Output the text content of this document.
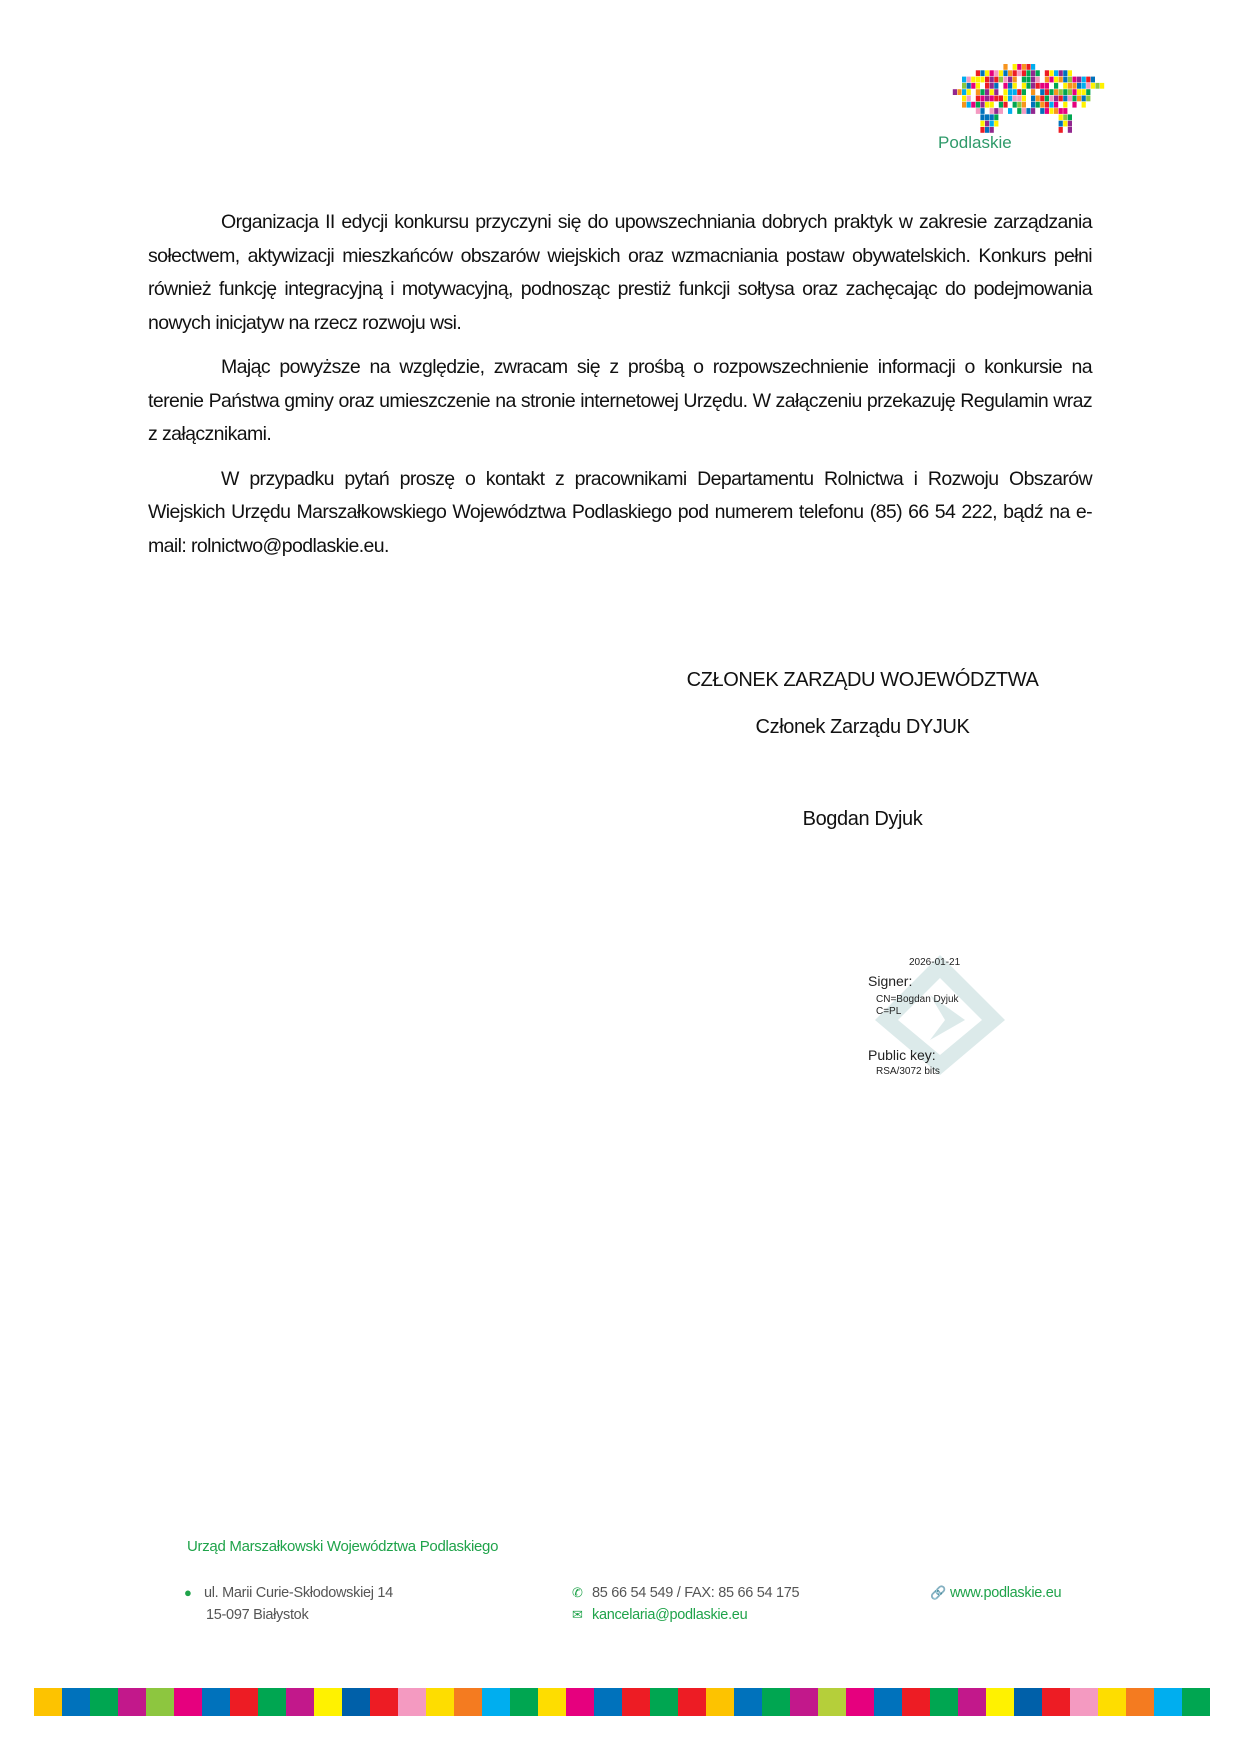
Podlaskie

Organizacja II edycji konkursu przyczyni się do upowszechniania dobrych praktyk w zakresie zarządzania sołectwem, aktywizacji mieszkańców obszarów wiejskich oraz wzmacniania postaw obywatelskich. Konkurs pełni również funkcję integracyjną i motywacyjną, podnosząc prestiż funkcji sołtysa oraz zachęcając do podejmowania nowych inicjatyw na rzecz rozwoju wsi.

Mając powyższe na względzie, zwracam się z prośbą o rozpowszechnienie informacji o konkursie na terenie Państwa gminy oraz umieszczenie na stronie internetowej Urzędu. W załączeniu przekazuję Regulamin wraz z załącznikami.

W przypadku pytań proszę o kontakt z pracownikami Departamentu Rolnictwa i Rozwoju Obszarów Wiejskich Urzędu Marszałkowskiego Województwa Podlaskiego pod numerem telefonu (85) 66 54 222, bądź na e-mail: rolnictwo@podlaskie.eu.

CZŁONEK ZARZĄDU WOJEWÓDZTWA
Członek Zarządu DYJUK
Bogdan Dyjuk
2026-01-21
Signer:
CN=Bogdan Dyjuk
C=PL
Public key:
RSA/3072 bits
Urząd Marszałkowski Województwa Podlaskiego
● ul. Marii Curie-Skłodowskiej 14
15-097 Białystok
✆ 85 66 54 549 / FAX: 85 66 54 175
✉ kancelaria@podlaskie.eu
🔗 www.podlaskie.eu
